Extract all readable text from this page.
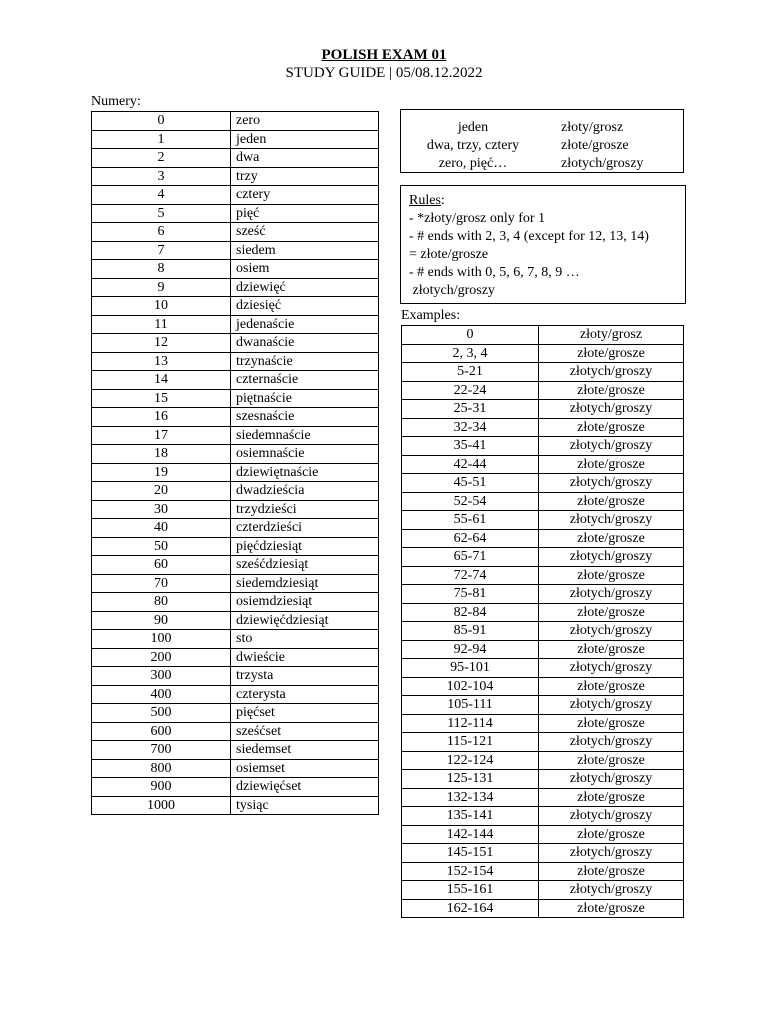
POLISH EXAM 01
STUDY GUIDE | 05/08.12.2022
Numery:
0	zero
1	jeden
2	dwa
3	trzy
4	cztery
5	pięć
6	sześć
7	siedem
8	osiem
9	dziewięć
10	dziesięć
11	jedenaście
12	dwanaście
13	trzynaście
14	czternaście
15	piętnaście
16	szesnaście
17	siedemnaście
18	osiemnaście
19	dziewiętnaście
20	dwadzieścia
30	trzydzieści
40	czterdzieści
50	pięćdziesiąt
60	sześćdziesiąt
70	siedemdziesiąt
80	osiemdziesiąt
90	dziewięćdziesiąt
100	sto
200	dwieście
300	trzysta
400	czterysta
500	pięćset
600	sześćset
700	siedemset
800	osiemset
900	dziewięćset
1000	tysiąc
jeden	złoty/grosz
dwa, trzy, cztery	złote/grosze
zero, pięć…	złotych/groszy
Rules:
- *złoty/grosz only for 1
- # ends with 2, 3, 4 (except for 12, 13, 14)
= złote/grosze
- # ends with 0, 5, 6, 7, 8, 9 …
złotych/groszy
Examples:
0	złoty/grosz
2, 3, 4	złote/grosze
5-21	złotych/groszy
22-24	złote/grosze
25-31	złotych/groszy
32-34	złote/grosze
35-41	złotych/groszy
42-44	złote/grosze
45-51	złotych/groszy
52-54	złote/grosze
55-61	złotych/groszy
62-64	złote/grosze
65-71	złotych/groszy
72-74	złote/grosze
75-81	złotych/groszy
82-84	złote/grosze
85-91	złotych/groszy
92-94	złote/grosze
95-101	złotych/groszy
102-104	złote/grosze
105-111	złotych/groszy
112-114	złote/grosze
115-121	złotych/groszy
122-124	złote/grosze
125-131	złotych/groszy
132-134	złote/grosze
135-141	złotych/groszy
142-144	złote/grosze
145-151	złotych/groszy
152-154	złote/grosze
155-161	złotych/groszy
162-164	złote/grosze
